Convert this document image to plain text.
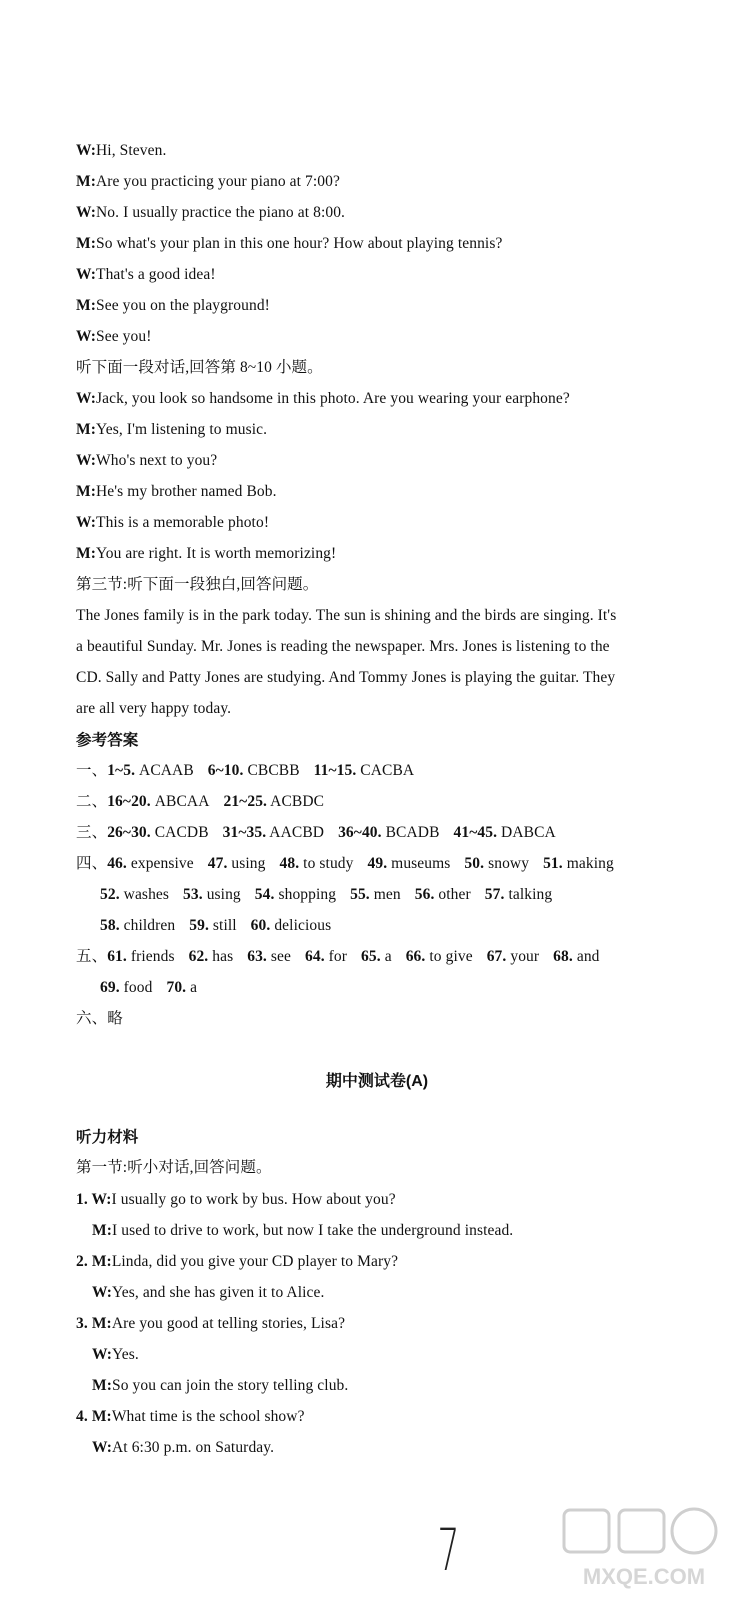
W:Hi, Steven.
M:Are you practicing your piano at 7:00?
W:No. I usually practice the piano at 8:00.
M:So what's your plan in this one hour? How about playing tennis?
W:That's a good idea!
M:See you on the playground!
W:See you!
听下面一段对话,回答第 8~10 小题。
W:Jack, you look so handsome in this photo. Are you wearing your earphone?
M:Yes, I'm listening to music.
W:Who's next to you?
M:He's my brother named Bob.
W:This is a memorable photo!
M:You are right. It is worth memorizing!
第三节:听下面一段独白,回答问题。
The Jones family is in the park today. The sun is shining and the birds are singing. It's
a beautiful Sunday. Mr. Jones is reading the newspaper. Mrs. Jones is listening to the
CD. Sally and Patty Jones are studying. And Tommy Jones is playing the guitar. They
are all very happy today.
参考答案
一、1~5. ACAAB 6~10. CBCBB 11~15. CACBA
二、16~20. ABCAA 21~25. ACBDC
三、26~30. CACDB 31~35. AACBD 36~40. BCADB 41~45. DABCA
四、46. expensive 47. using 48. to study 49. museums 50. snowy 51. making
52. washes 53. using 54. shopping 55. men 56. other 57. talking
58. children 59. still 60. delicious
五、61. friends 62. has 63. see 64. for 65. a 66. to give 67. your 68. and
69. food 70. a
六、略
期中测试卷(A)
听力材料
第一节:听小对话,回答问题。
1. W:I usually go to work by bus. How about you?
M:I used to drive to work, but now I take the underground instead.
2. M:Linda, did you give your CD player to Mary?
W:Yes, and she has given it to Alice.
3. M:Are you good at telling stories, Lisa?
W:Yes.
M:So you can join the story telling club.
4. M:What time is the school show?
W:At 6:30 p.m. on Saturday.
7	MXQE.COM
